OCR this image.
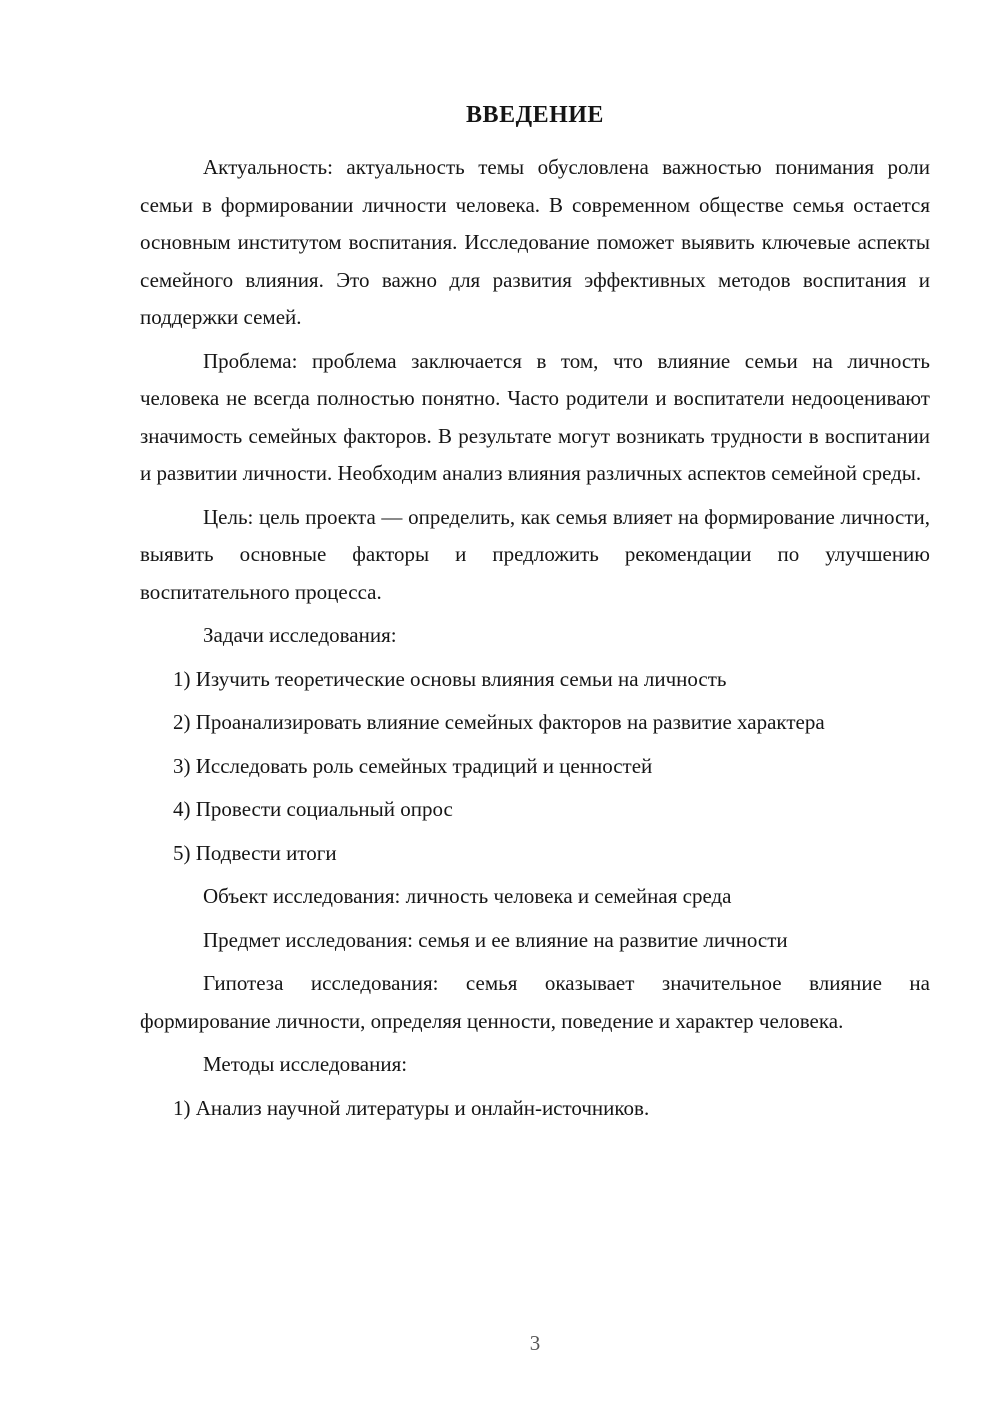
ВВЕДЕНИЕ

Актуальность: актуальность темы обусловлена важностью понимания роли семьи в формировании личности человека. В современном обществе семья остается основным институтом воспитания. Исследование поможет выявить ключевые аспекты семейного влияния. Это важно для развития эффективных методов воспитания и поддержки семей.

Проблема: проблема заключается в том, что влияние семьи на личность человека не всегда полностью понятно. Часто родители и воспитатели недооценивают значимость семейных факторов. В результате могут возникать трудности в воспитании и развитии личности. Необходим анализ влияния различных аспектов семейной среды.

Цель: цель проекта — определить, как семья влияет на формирование личности, выявить основные факторы и предложить рекомендации по улучшению воспитательного процесса.

Задачи исследования:

1) Изучить теоретические основы влияния семьи на личность

2) Проанализировать влияние семейных факторов на развитие характера

3) Исследовать роль семейных традиций и ценностей

4) Провести социальный опрос

5) Подвести итоги

Объект исследования: личность человека и семейная среда

Предмет исследования: семья и ее влияние на развитие личности

Гипотеза исследования: семья оказывает значительное влияние на формирование личности, определяя ценности, поведение и характер человека.

Методы исследования:

1) Анализ научной литературы и онлайн-источников.

3
